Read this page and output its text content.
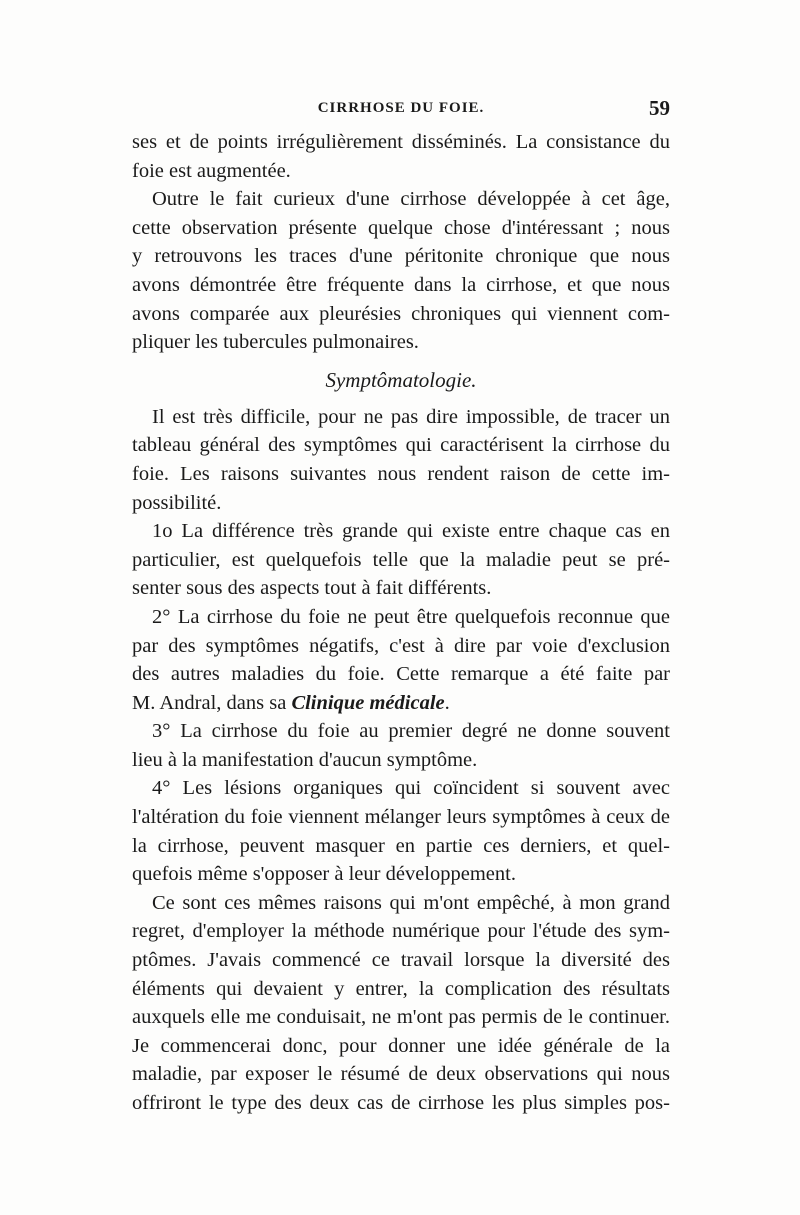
CIRRHOSE DU FOIE.	59
ses et de points irrégulièrement disséminés. La consistance du
foie est augmentée.
Outre le fait curieux d'une cirrhose développée à cet âge,
cette observation présente quelque chose d'intéressant ; nous
y retrouvons les traces d'une péritonite chronique que nous
avons démontrée être fréquente dans la cirrhose, et que nous
avons comparée aux pleurésies chroniques qui viennent com-
pliquer les tubercules pulmonaires.
Symptômatologie.
Il est très difficile, pour ne pas dire impossible, de tracer un
tableau général des symptômes qui caractérisent la cirrhose du
foie. Les raisons suivantes nous rendent raison de cette im-
possibilité.
1o La différence très grande qui existe entre chaque cas en
particulier, est quelquefois telle que la maladie peut se pré-
senter sous des aspects tout à fait différents.
2° La cirrhose du foie ne peut être quelquefois reconnue que
par des symptômes négatifs, c'est à dire par voie d'exclusion
des autres maladies du foie. Cette remarque a été faite par
M. Andral, dans sa Clinique médicale.
3° La cirrhose du foie au premier degré ne donne souvent
lieu à la manifestation d'aucun symptôme.
4° Les lésions organiques qui coïncident si souvent avec
l'altération du foie viennent mélanger leurs symptômes à ceux de
la cirrhose, peuvent masquer en partie ces derniers, et quel-
quefois même s'opposer à leur développement.
Ce sont ces mêmes raisons qui m'ont empêché, à mon grand
regret, d'employer la méthode numérique pour l'étude des sym-
ptômes. J'avais commencé ce travail lorsque la diversité des
éléments qui devaient y entrer, la complication des résultats
auxquels elle me conduisait, ne m'ont pas permis de le continuer.
Je commencerai donc, pour donner une idée générale de la
maladie, par exposer le résumé de deux observations qui nous
offriront le type des deux cas de cirrhose les plus simples pos-
